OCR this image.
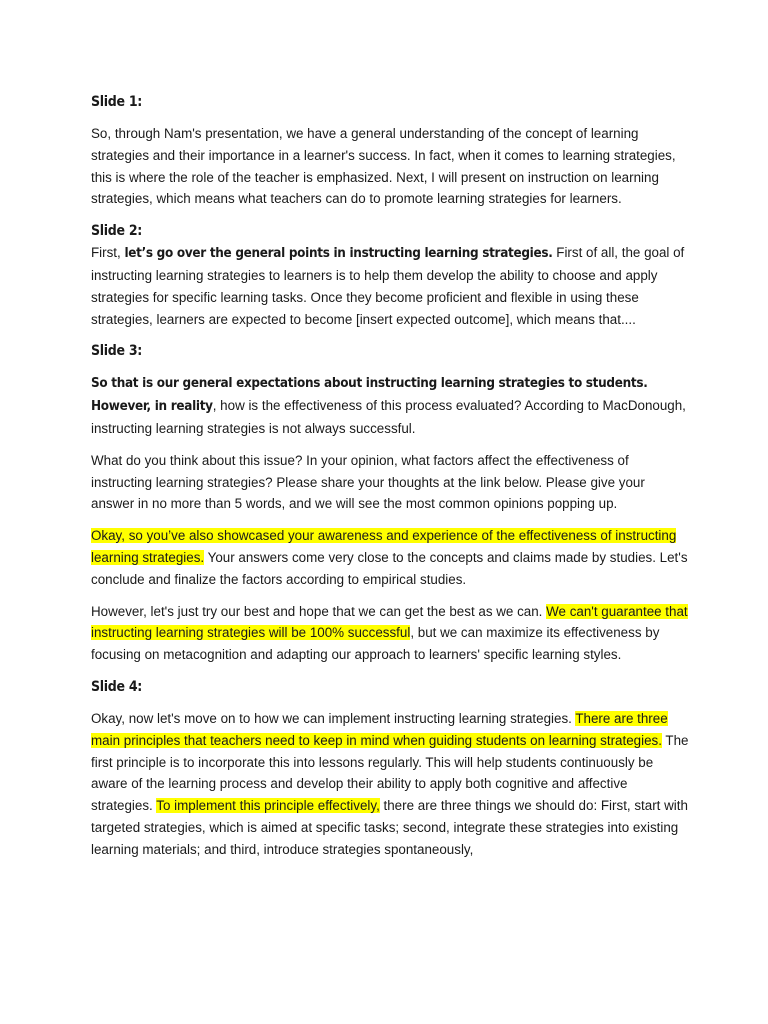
Slide 1:

So, through Nam's presentation, we have a general understanding of the concept of learning strategies and their importance in a learner's success. In fact, when it comes to learning strategies, this is where the role of the teacher is emphasized. Next, I will present on instruction on learning strategies, which means what teachers can do to promote learning strategies for learners.

Slide 2:

First, let’s go over the general points in instructing learning strategies. First of all, the goal of instructing learning strategies to learners is to help them develop the ability to choose and apply strategies for specific learning tasks. Once they become proficient and flexible in using these strategies, learners are expected to become [insert expected outcome], which means that....

Slide 3:

So that is our general expectations about instructing learning strategies to students. However, in reality, how is the effectiveness of this process evaluated? According to MacDonough, instructing learning strategies is not always successful.

What do you think about this issue? In your opinion, what factors affect the effectiveness of instructing learning strategies? Please share your thoughts at the link below. Please give your answer in no more than 5 words, and we will see the most common opinions popping up.

Okay, so you’ve also showcased your awareness and experience of the effectiveness of instructing learning strategies. Your answers come very close to the concepts and claims made by studies. Let's conclude and finalize the factors according to empirical studies.

However, let's just try our best and hope that we can get the best as we can. We can't guarantee that instructing learning strategies will be 100% successful, but we can maximize its effectiveness by focusing on metacognition and adapting our approach to learners' specific learning styles.

Slide 4:

Okay, now let's move on to how we can implement instructing learning strategies. There are three main principles that teachers need to keep in mind when guiding students on learning strategies. The first principle is to incorporate this into lessons regularly. This will help students continuously be aware of the learning process and develop their ability to apply both cognitive and affective strategies. To implement this principle effectively, there are three things we should do: First, start with targeted strategies, which is aimed at specific tasks; second, integrate these strategies into existing learning materials; and third, introduce strategies spontaneously,
